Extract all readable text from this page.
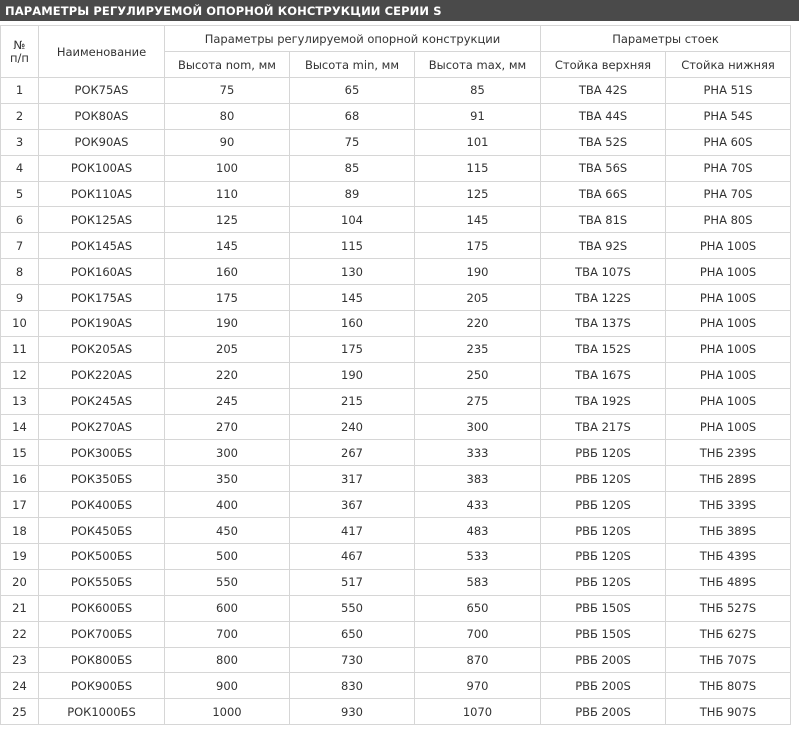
ПАРАМЕТРЫ РЕГУЛИРУЕМОЙ ОПОРНОЙ КОНСТРУКЦИИ СЕРИИ S
№
п/п	Наименование	Параметры регулируемой опорной конструкции			Параметры стоек	
		Высота nom, мм	Высота min, мм	Высота max, мм	Стойка верхняя	Стойка нижняя
1	РОК75AS	75	65	85	ТВА 42S	РНА 51S
2	РОК80AS	80	68	91	ТВА 44S	РНА 54S
3	РОК90AS	90	75	101	ТВА 52S	РНА 60S
4	РОК100AS	100	85	115	ТВА 56S	РНА 70S
5	РОК110AS	110	89	125	ТВА 66S	РНА 70S
6	РОК125AS	125	104	145	ТВА 81S	РНА 80S
7	РОК145AS	145	115	175	ТВА 92S	РНА 100S
8	РОК160AS	160	130	190	ТВА 107S	РНА 100S
9	РОК175AS	175	145	205	ТВА 122S	РНА 100S
10	РОК190AS	190	160	220	ТВА 137S	РНА 100S
11	РОК205AS	205	175	235	ТВА 152S	РНА 100S
12	РОК220AS	220	190	250	ТВА 167S	РНА 100S
13	РОК245AS	245	215	275	ТВА 192S	РНА 100S
14	РОК270AS	270	240	300	ТВА 217S	РНА 100S
15	РОК300БS	300	267	333	РВБ 120S	ТНБ 239S
16	РОК350БS	350	317	383	РВБ 120S	ТНБ 289S
17	РОК400БS	400	367	433	РВБ 120S	ТНБ 339S
18	РОК450БS	450	417	483	РВБ 120S	ТНБ 389S
19	РОК500БS	500	467	533	РВБ 120S	ТНБ 439S
20	РОК550БS	550	517	583	РВБ 120S	ТНБ 489S
21	РОК600БS	600	550	650	РВБ 150S	ТНБ 527S
22	РОК700БS	700	650	700	РВБ 150S	ТНБ 627S
23	РОК800БS	800	730	870	РВБ 200S	ТНБ 707S
24	РОК900БS	900	830	970	РВБ 200S	ТНБ 807S
25	РОК1000БS	1000	930	1070	РВБ 200S	ТНБ 907S
